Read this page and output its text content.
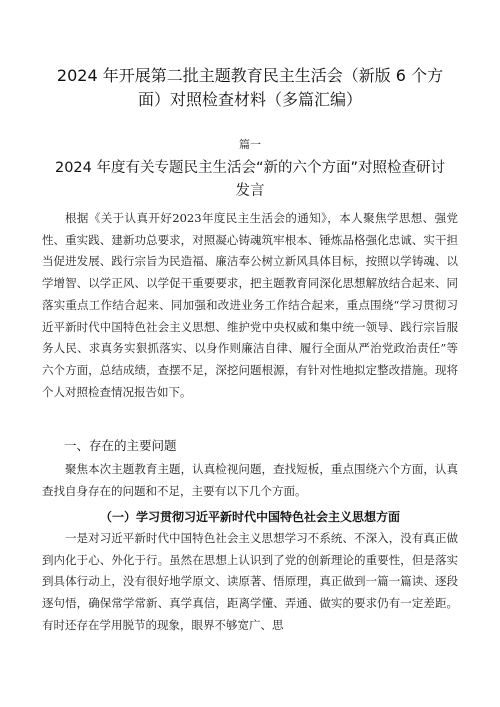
2024 年开展第二批主题教育民主生活会（新版 6 个方面）对照检查材料（多篇汇编）
篇一
2024 年度有关专题民主生活会“新的六个方面”对照检查研讨发言

根据《关于认真开好2023年度民主生活会的通知》，本人聚焦学思想、强党性、重实践、建新功总要求，对照凝心铸魂筑牢根本、锤炼品格强化忠诚、实干担当促进发展、践行宗旨为民造福、廉洁奉公树立新风具体目标，按照以学铸魂、以学增智、以学正风、以学促干重要要求，把主题教育同深化思想解放结合起来、同落实重点工作结合起来、同加强和改进业务工作结合起来，重点围绕“学习贯彻习近平新时代中国特色社会主义思想、维护党中央权威和集中统一领导、践行宗旨服务人民、求真务实狠抓落实、以身作则廉洁自律、履行全面从严治党政治责任”等六个方面，总结成绩，查摆不足，深挖问题根源，有针对性地拟定整改措施。现将个人对照检查情况报告如下。

一、存在的主要问题

聚焦本次主题教育主题，认真检视问题，查找短板，重点围绕六个方面，认真查找自身存在的问题和不足，主要有以下几个方面。

（一）学习贯彻习近平新时代中国特色社会主义思想方面

一是对习近平新时代中国特色社会主义思想学习不系统、不深入，没有真正做到内化于心、外化于行。虽然在思想上认识到了党的创新理论的重要性，但是落实到具体行动上，没有很好地学原文、读原著、悟原理，真正做到一篇一篇读、逐段逐句悟，确保常学常新、真学真信，距离学懂、弄通、做实的要求仍有一定差距。有时还存在学用脱节的现象，眼界不够宽广、思
